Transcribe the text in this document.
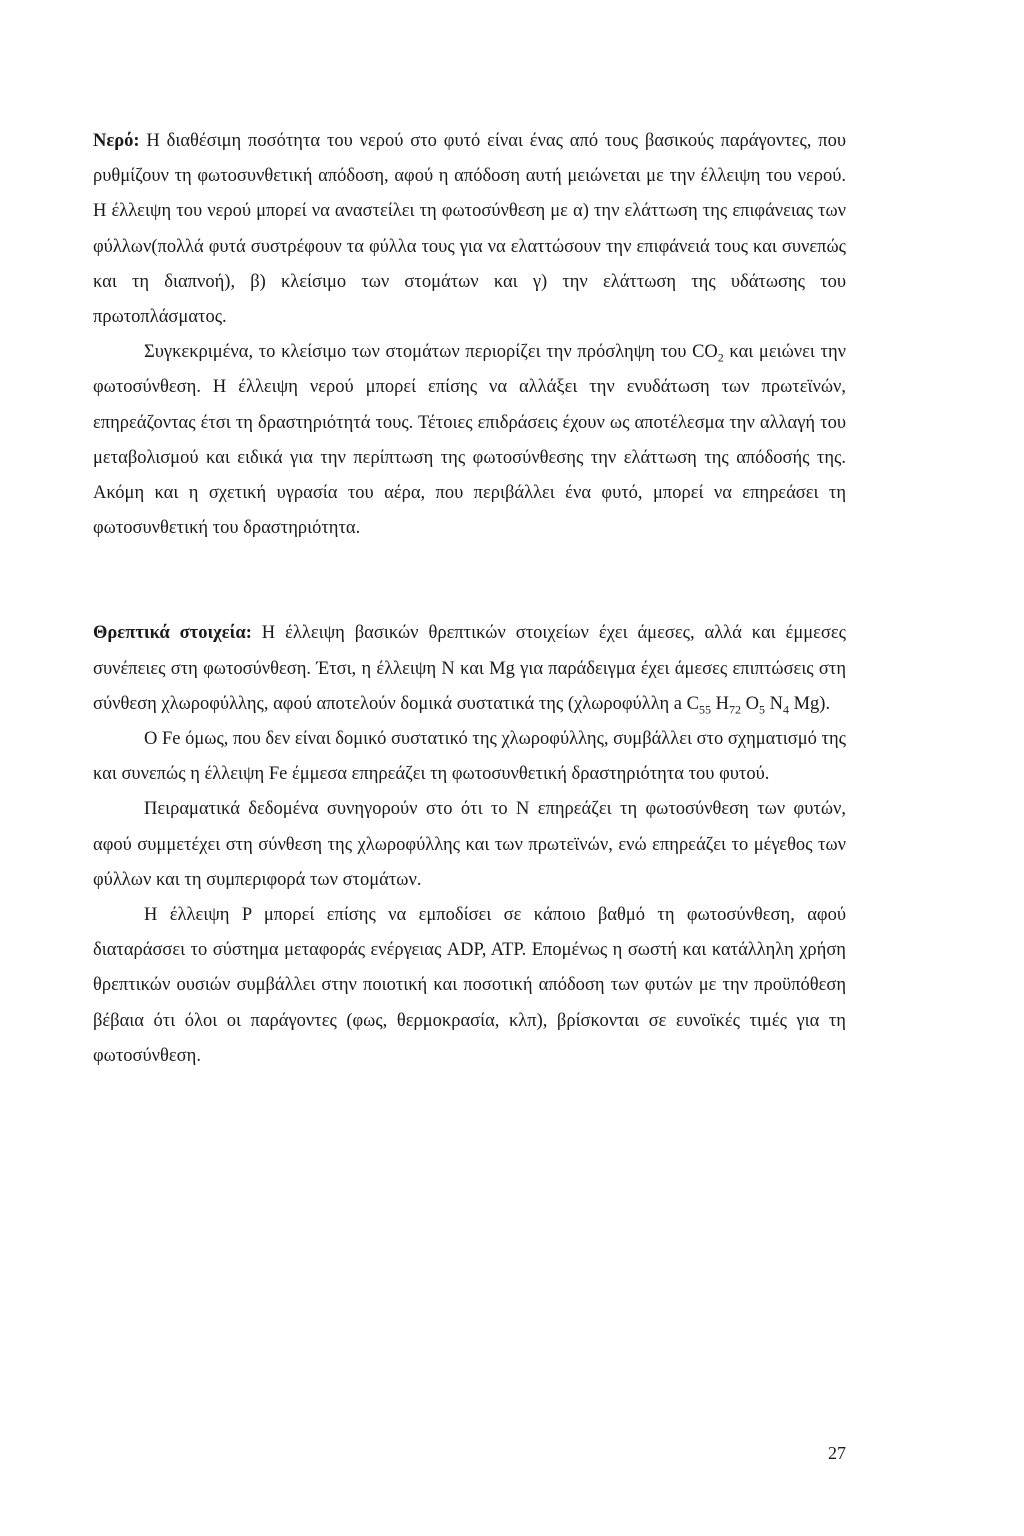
Νερό: Η διαθέσιμη ποσότητα του νερού στο φυτό είναι ένας από τους βασικούς παράγοντες, που ρυθμίζουν τη φωτοσυνθετική απόδοση, αφού η απόδοση αυτή μειώνεται με την έλλειψη του νερού. Η έλλειψη του νερού μπορεί να αναστείλει τη φωτοσύνθεση με α) την ελάττωση της επιφάνειας των φύλλων(πολλά φυτά συστρέφουν τα φύλλα τους για να ελαττώσουν την επιφάνειά τους και συνεπώς και τη διαπνοή), β) κλείσιμο των στομάτων και γ) την ελάττωση της υδάτωσης του πρωτοπλάσματος.

Συγκεκριμένα, το κλείσιμο των στομάτων περιορίζει την πρόσληψη του $CO_2$ και μειώνει την φωτοσύνθεση. Η έλλειψη νερού μπορεί επίσης να αλλάξει την ενυδάτωση των πρωτεϊνών, επηρεάζοντας έτσι τη δραστηριότητά τους. Τέτοιες επιδράσεις έχουν ως αποτέλεσμα την αλλαγή του μεταβολισμού και ειδικά για την περίπτωση της φωτοσύνθεσης την ελάττωση της απόδοσής της. Ακόμη και η σχετική υγρασία του αέρα, που περιβάλλει ένα φυτό, μπορεί να επηρεάσει τη φωτοσυνθετική του δραστηριότητα.

Θρεπτικά στοιχεία: Η έλλειψη βασικών θρεπτικών στοιχείων έχει άμεσες, αλλά και έμμεσες συνέπειες στη φωτοσύνθεση. Έτσι, η έλλειψη N και Mg για παράδειγμα έχει άμεσες επιπτώσεις στη σύνθεση χλωροφύλλης, αφού αποτελούν δομικά συστατικά της (χλωροφύλλη a $C_{55}$ $H_{72}$ $O_5$ $N_4$ Mg).

O Fe όμως, που δεν είναι δομικό συστατικό της χλωροφύλλης, συμβάλλει στο σχηματισμό της και συνεπώς η έλλειψη Fe έμμεσα επηρεάζει τη φωτοσυνθετική δραστηριότητα του φυτού.

Πειραματικά δεδομένα συνηγορούν στο ότι το N επηρεάζει τη φωτοσύνθεση των φυτών, αφού συμμετέχει στη σύνθεση της χλωροφύλλης και των πρωτεϊνών, ενώ επηρεάζει το μέγεθος των φύλλων και τη συμπεριφορά των στομάτων.

Η έλλειψη P μπορεί επίσης να εμποδίσει σε κάποιο βαθμό τη φωτοσύνθεση, αφού διαταράσσει το σύστημα μεταφοράς ενέργειας ADP, ATP. Επομένως η σωστή και κατάλληλη χρήση θρεπτικών ουσιών συμβάλλει στην ποιοτική και ποσοτική απόδοση των φυτών με την προϋπόθεση βέβαια ότι όλοι οι παράγοντες (φως, θερμοκρασία, κλπ), βρίσκονται σε ευνοϊκές τιμές για τη φωτοσύνθεση.

27
